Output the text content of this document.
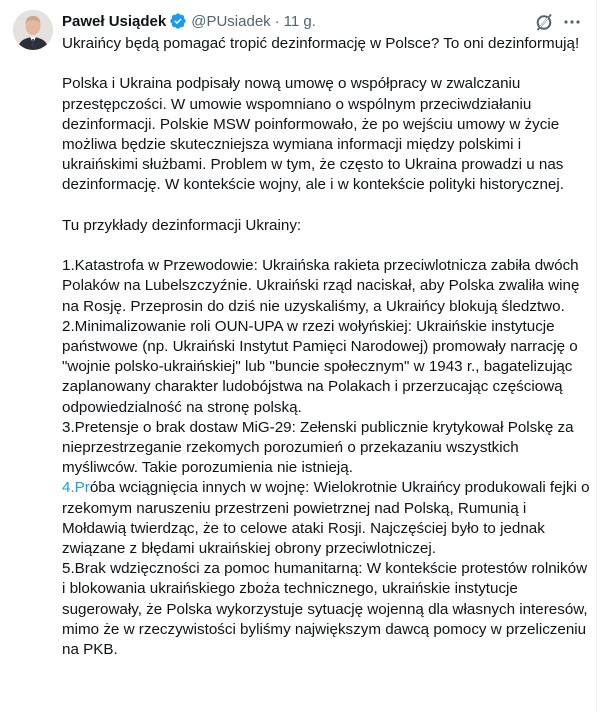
Paweł Usiądek @PUsiadek · 11 g.

Ukraińcy będą pomagać tropić dezinformację w Polsce? To oni dezinformują!

Polska i Ukraina podpisały nową umowę o współpracy w zwalczaniu przestępczości. W umowie wspomniano o wspólnym przeciwdziałaniu dezinformacji. Polskie MSW poinformowało, że po wejściu umowy w życie możliwa będzie skuteczniejsza wymiana informacji między polskimi i ukraińskimi służbami. Problem w tym, że często to Ukraina prowadzi u nas dezinformację. W kontekście wojny, ale i w kontekście polityki historycznej.

Tu przykłady dezinformacji Ukrainy:

1.Katastrofa w Przewodowie: Ukraińska rakieta przeciwlotnicza zabiła dwóch Polaków na Lubelszczyźnie. Ukraiński rząd naciskał, aby Polska zwaliła winę na Rosję. Przeprosin do dziś nie uzyskaliśmy, a Ukraińcy blokują śledztwo.

2.Minimalizowanie roli OUN-UPA w rzezi wołyńskiej: Ukraińskie instytucje państwowe (np. Ukraiński Instytut Pamięci Narodowej) promowały narrację o "wojnie polsko-ukraińskiej" lub "buncie społecznym" w 1943 r., bagatelizując zaplanowany charakter ludobójstwa na Polakach i przerzucając częściową odpowiedzialność na stronę polską.

3.Pretensje o brak dostaw MiG-29: Zełenski publicznie krytykował Polskę za nieprzestrzeganie rzekomych porozumień o przekazaniu wszystkich myśliwców. Takie porozumienia nie istnieją.

4.Próba wciągnięcia innych w wojnę: Wielokrotnie Ukraińcy produkowali fejki o rzekomym naruszeniu przestrzeni powietrznej nad Polską, Rumunią i Mołdawią twierdząc, że to celowe ataki Rosji. Najczęściej było to jednak związane z błędami ukraińskiej obrony przeciwlotniczej.

5.Brak wdzięczności za pomoc humanitarną: W kontekście protestów rolników i blokowania ukraińskiego zboża technicznego, ukraińskie instytucje sugerowały, że Polska wykorzystuje sytuację wojenną dla własnych interesów, mimo że w rzeczywistości byliśmy największym dawcą pomocy w przeliczeniu na PKB.
